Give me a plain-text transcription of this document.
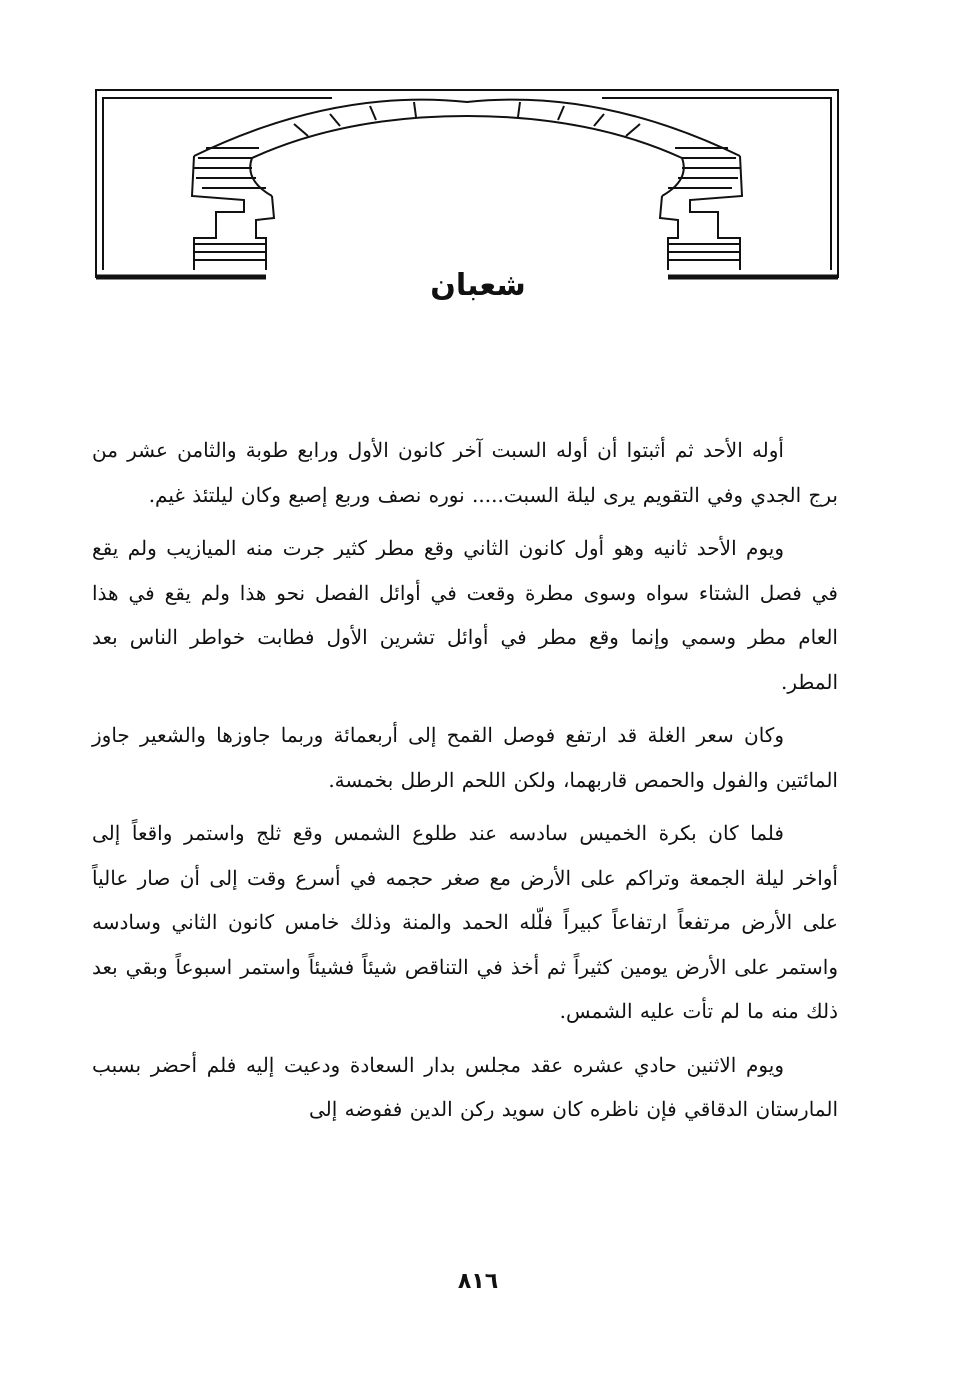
شعبان

أوله الأحد ثم أثبتوا أن أوله السبت آخر كانون الأول ورابع طوبة والثامن عشر من برج الجدي وفي التقويم يرى ليلة السبت..... نوره نصف وربع إصبع وكان ليلتئذ غيم.

ويوم الأحد ثانيه وهو أول كانون الثاني وقع مطر كثير جرت منه الميازيب ولم يقع في فصل الشتاء سواه وسوى مطرة وقعت في أوائل الفصل نحو هذا ولم يقع في هذا العام مطر وسمي وإنما وقع مطر في أوائل تشرين الأول فطابت خواطر الناس بعد المطر.

وكان سعر الغلة قد ارتفع فوصل القمح إلى أربعمائة وربما جاوزها والشعير جاوز المائتين والفول والحمص قاربهما، ولكن اللحم الرطل بخمسة.

فلما كان بكرة الخميس سادسه عند طلوع الشمس وقع ثلج واستمر واقعاً إلى أواخر ليلة الجمعة وتراكم على الأرض مع صغر حجمه في أسرع وقت إلى أن صار عالياً على الأرض مرتفعاً ارتفاعاً كبيراً فلّله الحمد والمنة وذلك خامس كانون الثاني وسادسه واستمر على الأرض يومين كثيراً ثم أخذ في التناقص شيئاً فشيئاً واستمر اسبوعاً وبقي بعد ذلك منه ما لم تأت عليه الشمس.

ويوم الاثنين حادي عشره عقد مجلس بدار السعادة ودعيت إليه فلم أحضر بسبب المارستان الدقاقي فإن ناظره كان سويد ركن الدين ففوضه إلى

٨١٦
